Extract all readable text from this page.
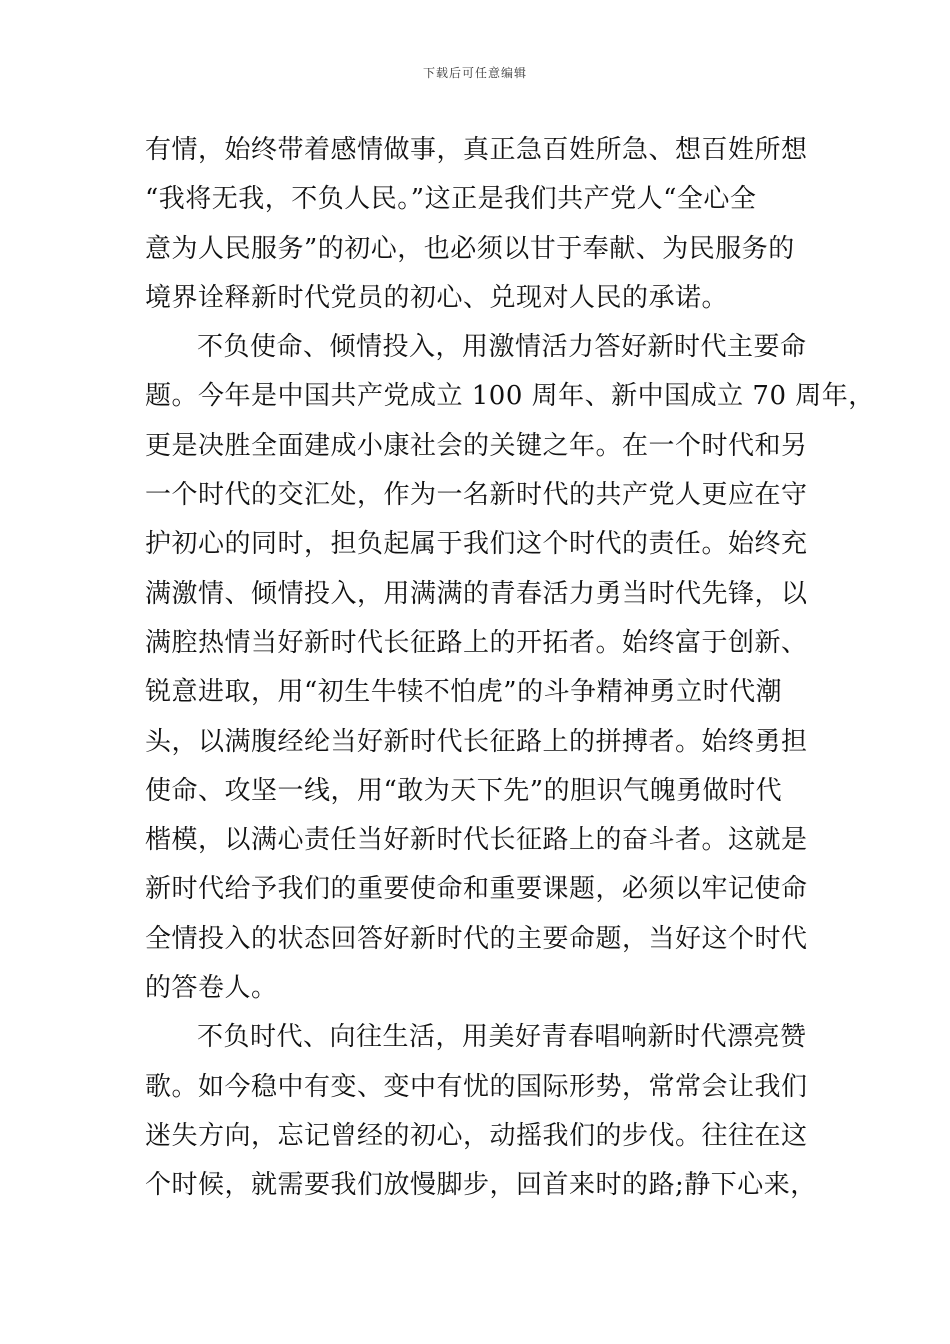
下载后可任意编辑
有情，始终带着感情做事，真正急百姓所急、想百姓所想
“我将无我，不负人民。”这正是我们共产党人“全心全
意为人民服务”的初心，也必须以甘于奉献、为民服务的
境界诠释新时代党员的初心、兑现对人民的承诺。
不负使命、倾情投入，用激情活力答好新时代主要命
题。今年是中国共产党成立 100 周年、新中国成立 70 周年，
更是决胜全面建成小康社会的关键之年。在一个时代和另
一个时代的交汇处，作为一名新时代的共产党人更应在守
护初心的同时，担负起属于我们这个时代的责任。始终充
满激情、倾情投入，用满满的青春活力勇当时代先锋，以
满腔热情当好新时代长征路上的开拓者。始终富于创新、
锐意进取，用“初生牛犊不怕虎”的斗争精神勇立时代潮
头，以满腹经纶当好新时代长征路上的拼搏者。始终勇担
使命、攻坚一线，用“敢为天下先”的胆识气魄勇做时代
楷模，以满心责任当好新时代长征路上的奋斗者。这就是
新时代给予我们的重要使命和重要课题，必须以牢记使命
全情投入的状态回答好新时代的主要命题，当好这个时代
的答卷人。
不负时代、向往生活，用美好青春唱响新时代漂亮赞
歌。如今稳中有变、变中有忧的国际形势，常常会让我们
迷失方向，忘记曾经的初心，动摇我们的步伐。往往在这
个时候，就需要我们放慢脚步，回首来时的路;静下心来，
